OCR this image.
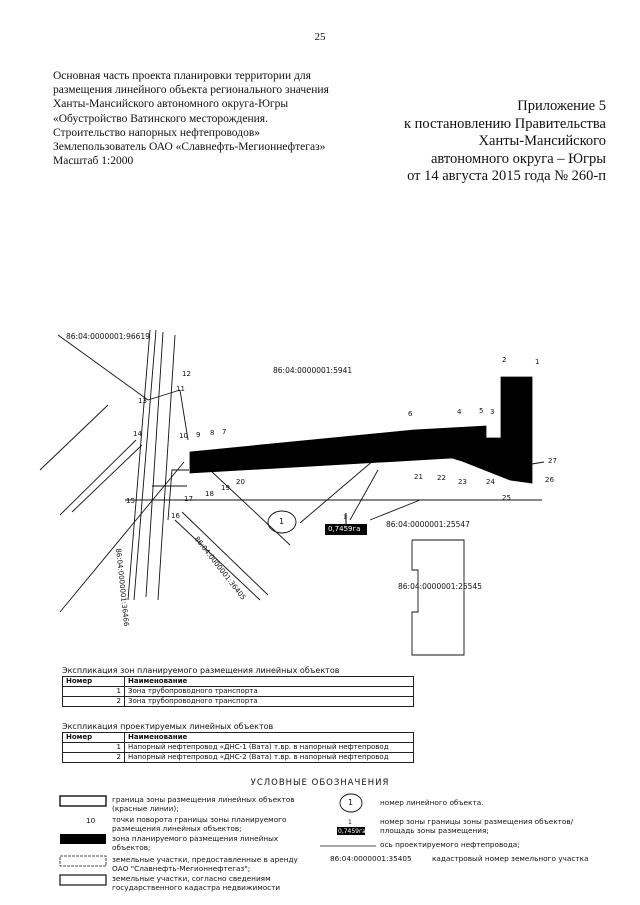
25
Основная часть проекта планировки территории для
размещения линейного объекта регионального значения
Ханты-Мансийского автономного округа-Югры
«Обустройство Ватинского месторождения.
Строительство напорных нефтепроводов»
Землепользователь ОАО «Славнефть-Мегионнефтегаз»
Масштаб 1:2000
Приложение 5
к постановлению Правительства
Ханты-Мансийского
автономного округа – Югры
от 14 августа 2015 года № 260-п
86:04:0000001:96619
86:04:0000001:5941
86:04:0000001:25547
86:04:0000001:25545
86:04:0000001:36466	86:04:0000001:36405
1	1
0,7459га
1
2
3
4	5
6
7
8
9
10
11
12
13
14
15
16
17
18
19
20
21 22 23	24
25
26
27
Экспликация зон планируемого размещения линейных объектов
Номер	Наименование
1	Зона трубопроводного транспорта
2	Зона трубопроводного транспорта
Экспликация проектируемых линейных объектов
Номер	Наименование
1	Напорный нефтепровод «ДНС-1 (Вата) т.вр. в напорный нефтепровод
2	Напорный нефтепровод «ДНС-2 (Вата) т.вр. в напорный нефтепровод
УСЛОВНЫЕ ОБОЗНАЧЕНИЯ
граница зоны размещения линейных объектов (красные линии);
10 точки поворота границы зоны планируемого размещения линейных объектов;
зона планируемого размещения линейных объектов;
земельные участки, предоставленные в аренду ОАО "Славнефть-Мегионнефтегаз";
земельные участки, согласно сведениям государственного кадастра недвижимости
1	номер линейного объекта.
1
0,7459га
номер зоны границы зоны размещения объектов/площадь зоны размещения;
ось проектируемого нефтепровода;
86:04:0000001:35405	кадастровый номер земельного участка
